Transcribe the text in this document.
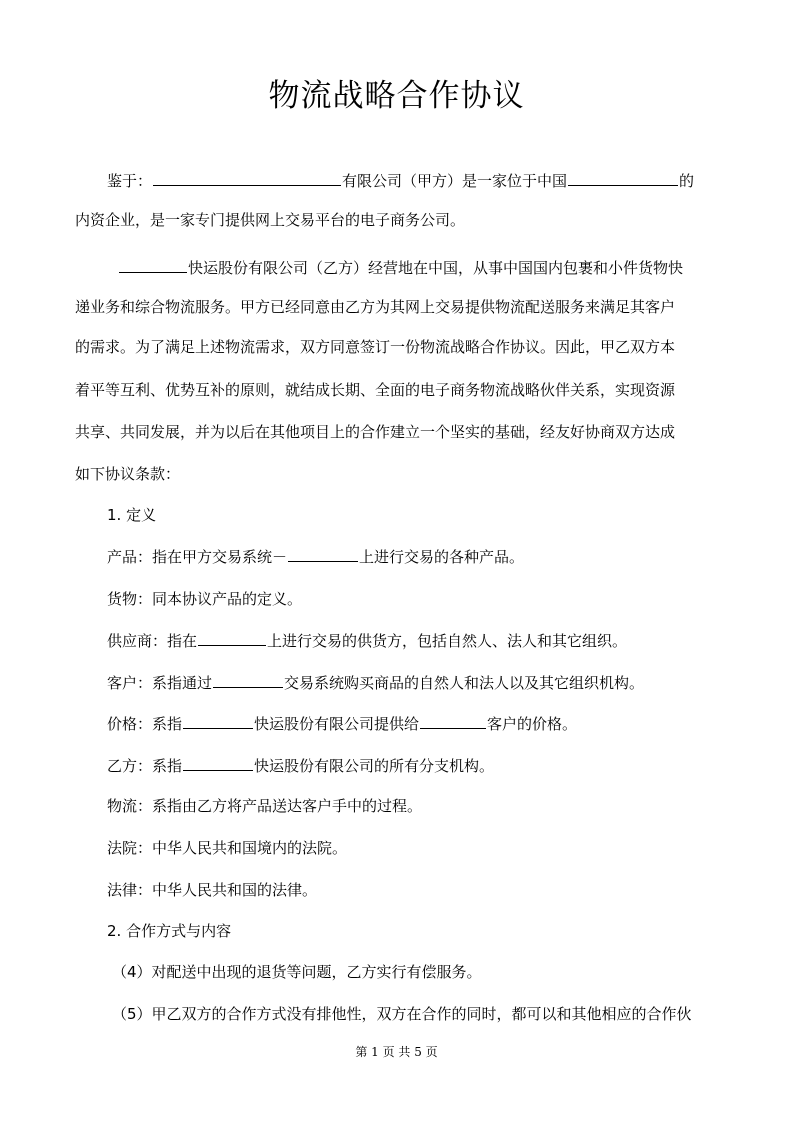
物流战略合作协议
鉴于：	有限公司（甲方）是一家位于中国	的
内资企业，是一家专门提供网上交易平台的电子商务公司。
快运股份有限公司（乙方）经营地在中国，从事中国国内包裹和小件货物快
递业务和综合物流服务。甲方已经同意由乙方为其网上交易提供物流配送服务来满足其客户
的需求。为了满足上述物流需求，双方同意签订一份物流战略合作协议。因此，甲乙双方本
着平等互利、优势互补的原则，就结成长期、全面的电子商务物流战略伙伴关系，实现资源
共享、共同发展，并为以后在其他项目上的合作建立一个坚实的基础，经友好协商双方达成
如下协议条款：
1. 定义
产品：指在甲方交易系统－	上进行交易的各种产品。
货物：同本协议产品的定义。
供应商：指在	上进行交易的供货方，包括自然人、法人和其它组织。
客户：系指通过	交易系统购买商品的自然人和法人以及其它组织机构。
价格：系指	快运股份有限公司提供给	客户的价格。
乙方：系指	快运股份有限公司的所有分支机构。
物流：系指由乙方将产品送达客户手中的过程。
法院：中华人民共和国境内的法院。
法律：中华人民共和国的法律。
2. 合作方式与内容
（4）对配送中出现的退货等问题，乙方实行有偿服务。
（5）甲乙双方的合作方式没有排他性，双方在合作的同时，都可以和其他相应的合作伙
第 1 页 共 5 页
